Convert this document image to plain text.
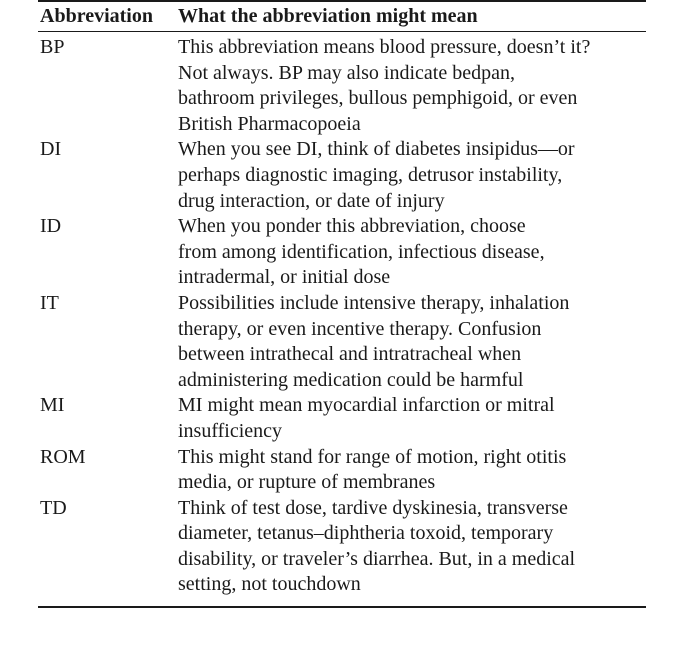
Abbreviation	What the abbreviation might mean
BP	This abbreviation means blood pressure, doesn’t it?
Not always. BP may also indicate bedpan,
bathroom privileges, bullous pemphigoid, or even
British Pharmacopoeia
DI	When you see DI, think of diabetes insipidus—or
perhaps diagnostic imaging, detrusor instability,
drug interaction, or date of injury
ID	When you ponder this abbreviation, choose
from among identification, infectious disease,
intradermal, or initial dose
IT	Possibilities include intensive therapy, inhalation
therapy, or even incentive therapy. Confusion
between intrathecal and intratracheal when
administering medication could be harmful
MI	MI might mean myocardial infarction or mitral
insufficiency
ROM	This might stand for range of motion, right otitis
media, or rupture of membranes
TD	Think of test dose, tardive dyskinesia, transverse
diameter, tetanus–diphtheria toxoid, temporary
disability, or traveler’s diarrhea. But, in a medical
setting, not touchdown
